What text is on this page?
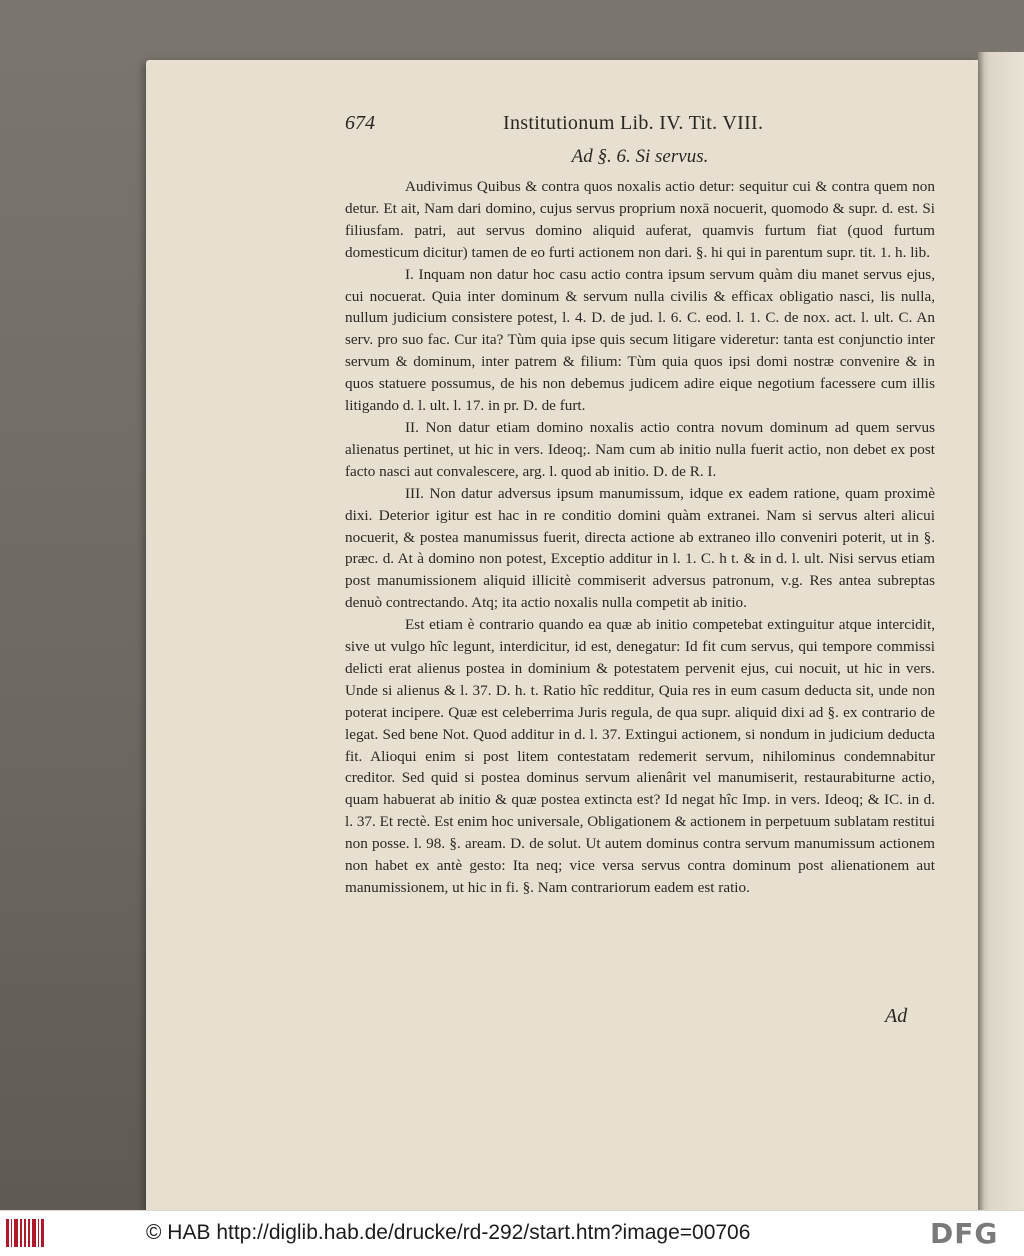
674	Institutionum Lib. IV. Tit. VIII.
Ad §. 6. Si servus.

Audivimus Quibus & contra quos noxalis actio detur: sequitur cui & contra quem non detur. Et ait, Nam dari domino, cujus servus proprium noxā nocuerit, quomodo & supr. d. est. Si filiusfam. patri, aut servus domino aliquid auferat, quamvis furtum fiat (quod furtum domesticum dicitur) tamen de eo furti actionem non dari. §. hi qui in parentum supr. tit. 1. h. lib.

I. Inquam non datur hoc casu actio contra ipsum servum quàm diu manet servus ejus, cui nocuerat. Quia inter dominum & servum nulla civilis & efficax obligatio nasci, lis nulla, nullum judicium consistere potest, l. 4. D. de jud. l. 6. C. eod. l. 1. C. de nox. act. l. ult. C. An serv. pro suo fac. Cur ita? Tùm quia ipse quis secum litigare videretur: tanta est conjunctio inter servum & dominum, inter patrem & filium: Tùm quia quos ipsi domi nostræ convenire & in quos statuere possumus, de his non debemus judicem adire eique negotium facessere cum illis litigando d. l. ult. l. 17. in pr. D. de furt.

II. Non datur etiam domino noxalis actio contra novum dominum ad quem servus alienatus pertinet, ut hic in vers. Ideoq;. Nam cum ab initio nulla fuerit actio, non debet ex post facto nasci aut convalescere, arg. l. quod ab initio. D. de R. I.

III. Non datur adversus ipsum manumissum, idque ex eadem ratione, quam proximè dixi. Deterior igitur est hac in re conditio domini quàm extranei. Nam si servus alteri alicui nocuerit, & postea manumissus fuerit, directa actione ab extraneo illo conveniri poterit, ut in §. præc. d. At à domino non potest, Exceptio additur in l. 1. C. h t. & in d. l. ult. Nisi servus etiam post manumissionem aliquid illicitè commiserit adversus patronum, v.g. Res antea subreptas denuò contrectando. Atq; ita actio noxalis nulla competit ab initio.

Est etiam è contrario quando ea quæ ab initio competebat extinguitur atque intercidit, sive ut vulgo hîc legunt, interdicitur, id est, denegatur: Id fit cum servus, qui tempore commissi delicti erat alienus postea in dominium & potestatem pervenit ejus, cui nocuit, ut hic in vers. Unde si alienus & l. 37. D. h. t. Ratio hîc redditur, Quia res in eum casum deducta sit, unde non poterat incipere. Quæ est celeberrima Juris regula, de qua supr. aliquid dixi ad §. ex contrario de legat. Sed bene Not. Quod additur in d. l. 37. Extingui actionem, si nondum in judicium deducta fit. Alioqui enim si post litem contestatam redemerit servum, nihilominus condemnabitur creditor. Sed quid si postea dominus servum alienârit vel manumiserit, restaurabiturne actio, quam habuerat ab initio & quæ postea extincta est? Id negat hîc Imp. in vers. Ideoq; & IC. in d. l. 37. Et rectè. Est enim hoc universale, Obligationem & actionem in perpetuum sublatam restitui non posse. l. 98. §. aream. D. de solut. Ut autem dominus contra servum manumissum actionem non habet ex antè gesto: Ita neq; vice versa servus contra dominum post alienationem aut manumissionem, ut hic in fi. §. Nam contrariorum eadem est ratio.

Ad
© HAB http://diglib.hab.de/drucke/rd-292/start.htm?image=00706	DFG
